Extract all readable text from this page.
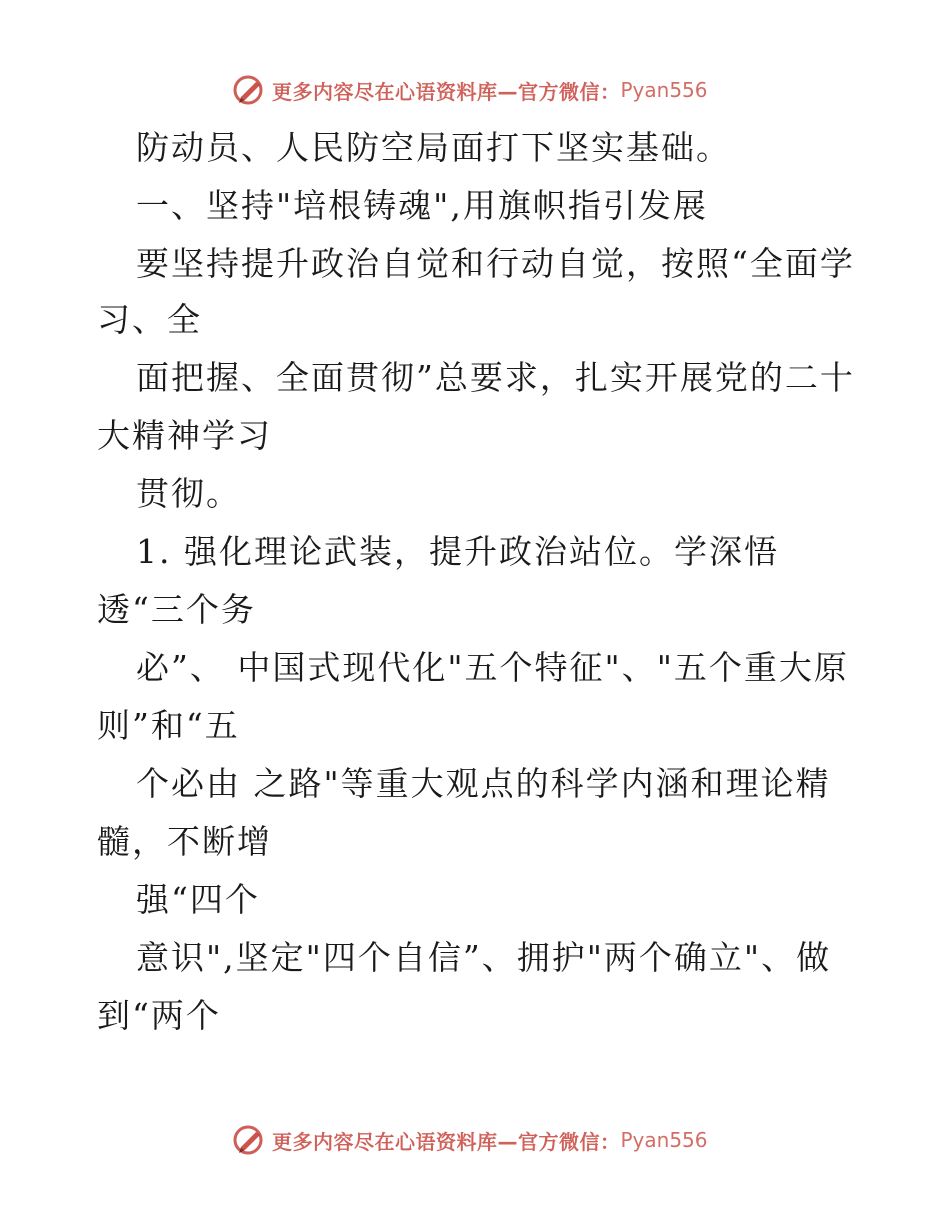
更多内容尽在心语资料库—官方微信： Pyan556
防动员、人民防空局面打下坚实基础。
一、坚持"培根铸魂",用旗帜指引发展
要坚持提升政治自觉和行动自觉，按照“全面学
习、全
面把握、全面贯彻”总要求，扎实开展党的二十
大精神学习
贯彻。
1. 强化理论武装，提升政治站位。学深悟
透“三个务
必”、 中国式现代化"五个特征"、"五个重大原
则”和“五
个必由 之路"等重大观点的科学内涵和理论精
髓，不断增
强“四个
意识",坚定"四个自信”、拥护"两个确立"、做
到“两个
更多内容尽在心语资料库—官方微信： Pyan556
